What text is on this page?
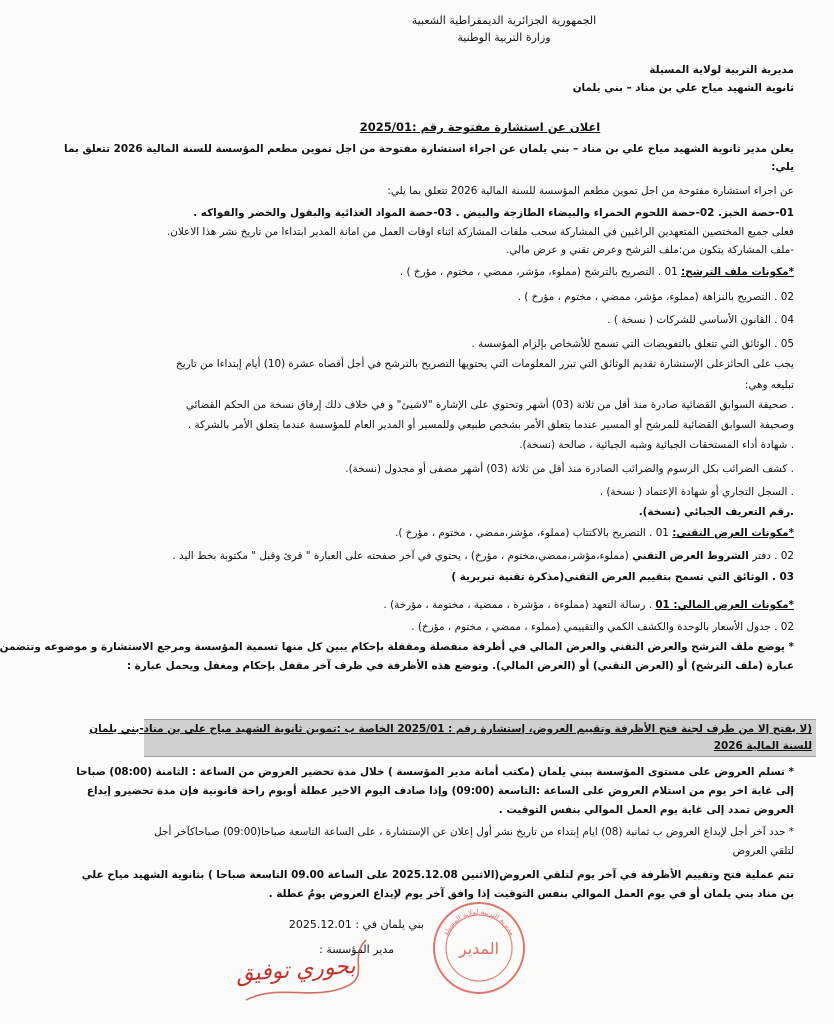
الجمهورية الجزائرية الديمقراطية الشعبية
وزارة التربية الوطنية
مديرية التربية لولاية المسيلة
ثانوية الشهيد مياح علي بن مناد – بني يلمان
اعلان عن استشارة مفتوحة رقم :2025/01
يعلن مدير ثانوية الشهيد مياح علي بن مناد – بني يلمان عن اجراء استشارة مفتوحة من اجل تموين مطعم المؤسسة للسنة المالية 2026 تتعلق بما
يلي:
عن اجراء استشارة مفتوحة من اجل تموين مطعم المؤسسة للسنة المالية 2026 تتعلق بما يلي:
01-حصة الخبز. 02-حصة اللحوم الحمراء والبيضاء الطازجة والبيض . 03-حصة المواد الغذائية والبقول والخضر والفواكه .
فعلى جميع المختصين المتعهدين الراغبين في المشاركة سحب ملفات المشاركة اثناء اوقات العمل من امانة المدير ابتداءا من تاريخ نشر هذا الاعلان.
-ملف المشاركة يتكون من:ملف الترشح وعرض تقني و عرض مالي.
*مكونات ملف الترشح: 01 . التصريح بالترشح (مملوء، مؤشر، ممضي ، مختوم ، مؤرخ ) .
02 . التصريح بالنزاهة (مملوء، مؤشر، ممضي ، مختوم ، مؤرخ ) .
04 . القانون الأساسي للشركات ( نسخة ) .
05 . الوثائق التي تتعلق بالتفويضات التي تسمح للأشخاص بإلزام المؤسسة .
يجب على الحائزعلى الإستشارة تقديم الوثائق التي تبرر المعلومات التي يحتويها التصريح بالترشح في أجل أقصاه عشرة (10) أيام إبتداءا من تاريخ
تبليغه وهي:
. صحيفة السوابق القضائية صادرة منذ أقل من ثلاثة (03) أشهر وتحتوي على الإشارة "لاشيئ" و في خلاف ذلك إرفاق نسخة من الحكم القضائي
وصحيفة السوابق القضائية للمرشح أو المسير عندما يتعلق الأمر بشخص طبيعي وللمسير أو المدير العام للمؤسسة عندما يتعلق الأمر بالشركة .
. شهادة أداء المستحقات الجبائية وشبه الجبائية ، صالحة (نسخة).
. كشف الضرائب بكل الرسوم والضرائب الصادرة منذ أقل من ثلاثة (03) أشهر مصفى أو مجدول (نسخة).
. السجل التجاري أو شهادة الإعتماد ( نسخة) .
.رقم التعريف الجبائي (نسخة).
*مكونات العرض التقني: 01 . التصريح بالاكتتاب (مملوء، مؤشر،ممضي ، مختوم ، مؤرخ ).
02 . دفتر الشروط العرض التقني (مملوء،مؤشر،ممضي،مختوم ، مؤرخ) ، يحتوي في آخر صفحته على العبارة " قرئ وقبل " مكتوبة بخط اليد .
03 . الوثائق التي تسمح بتقييم العرض التقني(مذكرة تقنية تبريرية )
*مكونات العرض المالي: 01 . رسالة التعهد (مملوءة ، مؤشرة ، ممضية ، مختومة ، مؤرخة) .
02 . جدول الأسعار بالوحدة والكشف الكمي والتقييمي (مملوء ، ممضي ، مختوم ، مؤرخ) .
* يوضع ملف الترشح والعرض التقني والعرض المالي في أظرفة منفصلة ومقفلة بإحكام يبين كل منها تسمية المؤسسة ومرجع الاستشارة و موضوعه وتتضمن
عبارة (ملف الترشح) أو (العرض التقني) أو (العرض المالي). وتوضع هذه الأظرفة في ظرف آخر مقفل بإحكام ومغفل ويحمل عبارة :
(لا يفتح إلا من طرف لجنة فتح الأظرفة وتقييم العروض، إستشارة رقم : 2025/01 الخاصة ب :تموين ثانوية الشهيد مياح علي بن مناد-بني يلمان
للسنة المالية 2026
* تسلم العروض على مستوى المؤسسة ببني يلمان (مكتب أمانة مدير المؤسسة ) خلال مدة تحضير العروض من الساعة : الثامنة (08:00) صباحا
إلى غاية اخر يوم من استلام العروض على الساعة :التاسعة (09:00) وإذا صادف اليوم الاخير عطلة أوبوم راحة قانونية فإن مدة تحضيرو إيداع
العروض تمدد إلى غاية يوم العمل الموالي بنفس التوقيت .
* حدد آخر أجل لإيداع العروض ب ثمانية (08) ايام إبتداء من تاريخ نشر أول إعلان عن الإستشارة ، على الساعة التاسعة صباحا(09:00) صباحاكآخر أجل
لتلقي العروض
تتم عملية فتح وتقييم الأظرفة في آخر يوم لتلقي العروض(الاثنين 2025.12.08 على الساعة 09.00 التاسعة صباحا ) بثانوية الشهيد مياح علي
بن مناد بني يلمان أو في يوم العمل الموالي بنفس التوقيت إذا وافق آخر يوم لإيداع العروض يومٌ عطلة .
بني يلمان في : 2025.12.01
مدير المؤسسة :	المدير
مديرية التربية لولاية المسيلة
بحوري توفيق
